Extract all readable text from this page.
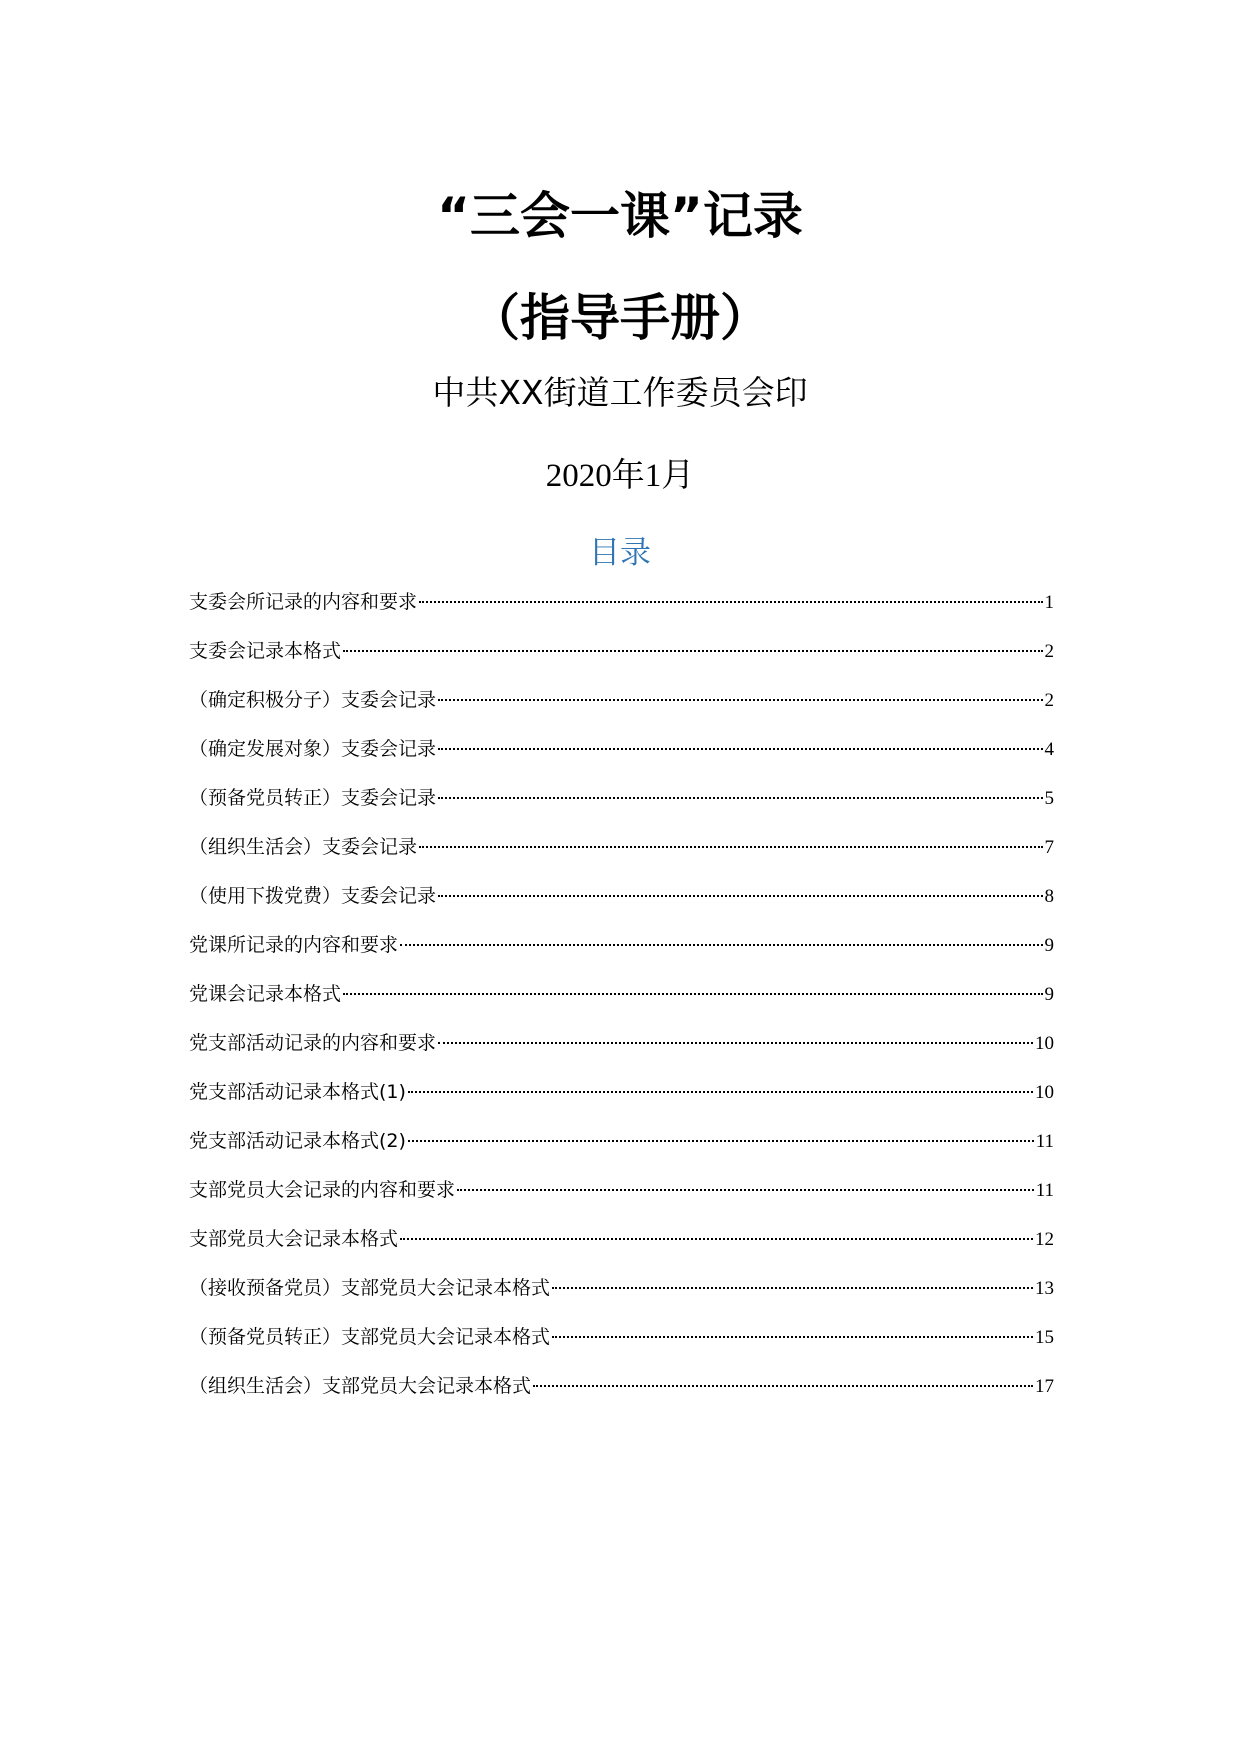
“三会一课”记录
（指导手册）
中共XX街道工作委员会印
2020年1月
目录
支委会所记录的内容和要求	1
支委会记录本格式	2
（确定积极分子）支委会记录	2
（确定发展对象）支委会记录	4
（预备党员转正）支委会记录	5
（组织生活会）支委会记录	7
（使用下拨党费）支委会记录	8
党课所记录的内容和要求	9
党课会记录本格式	9
党支部活动记录的内容和要求	10
党支部活动记录本格式(1)	10
党支部活动记录本格式(2)	11
支部党员大会记录的内容和要求	11
支部党员大会记录本格式	12
（接收预备党员）支部党员大会记录本格式	13
（预备党员转正）支部党员大会记录本格式	15
（组织生活会）支部党员大会记录本格式	17
